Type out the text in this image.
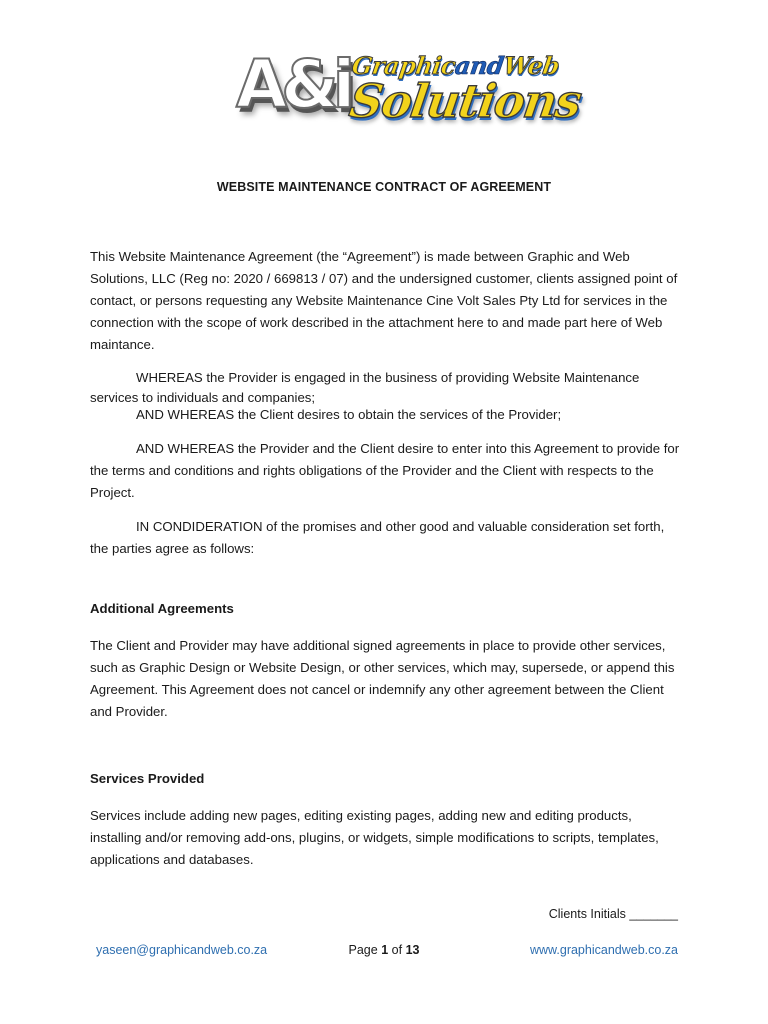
A&i GraphicandWeb
Solutions
WEBSITE MAINTENANCE CONTRACT OF AGREEMENT

This Website Maintenance Agreement (the “Agreement”) is made between Graphic and Web Solutions, LLC (Reg no: 2020 / 669813 / 07) and the undersigned customer, clients assigned point of contact, or persons requesting any Website Maintenance Cine Volt Sales Pty Ltd for services in the connection with the scope of work described in the attachment here to and made part here of Web maintance.

WHEREAS the Provider is engaged in the business of providing Website Maintenance services to individuals and companies;

AND WHEREAS the Client desires to obtain the services of the Provider;

AND WHEREAS the Provider and the Client desire to enter into this Agreement to provide for the terms and conditions and rights obligations of the Provider and the Client with respects to the Project.

IN CONDIDERATION of the promises and other good and valuable consideration set forth, the parties agree as follows:

Additional Agreements

The Client and Provider may have additional signed agreements in place to provide other services, such as Graphic Design or Website Design, or other services, which may, supersede, or append this Agreement. This Agreement does not cancel or indemnify any other agreement between the Client and Provider.

Services Provided

Services include adding new pages, editing existing pages, adding new and editing products, installing and/or removing add-ons, plugins, or widgets, simple modifications to scripts, templates, applications and databases.

Clients Initials _______
yaseen@graphicandweb.co.za	Page 1 of 13	www.graphicandweb.co.za
